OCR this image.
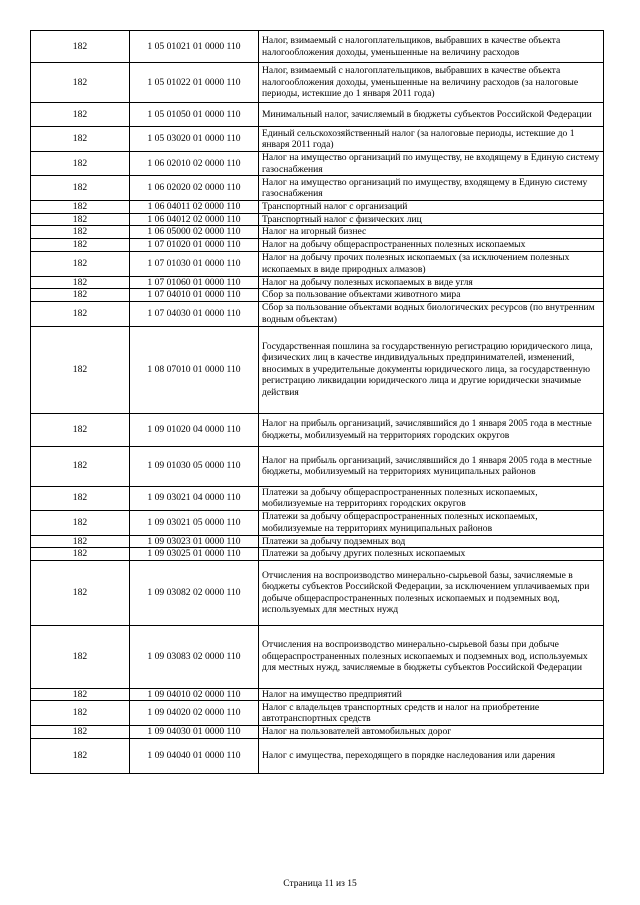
182	1 05 01021 01 0000 110	Налог, взимаемый с налогоплательщиков, выбравших в качестве объекта налогообложения доходы, уменьшенные на величину расходов
182	1 05 01022 01 0000 110	Налог, взимаемый с налогоплательщиков, выбравших в качестве объекта налогообложения доходы, уменьшенные на величину расходов (за налоговые периоды, истекшие до 1 января 2011 года)
182	1 05 01050 01 0000 110	Минимальный налог, зачисляемый в бюджеты субъектов Российской Федерации
182	1 05 03020 01 0000 110	Единый сельскохозяйственный налог (за налоговые периоды, истекшие до 1 января 2011 года)
182	1 06 02010 02 0000 110	Налог на имущество организаций по имуществу, не входящему в Единую систему газоснабжения
182	1 06 02020 02 0000 110	Налог на имущество организаций по имуществу, входящему в Единую систему газоснабжения
182	1 06 04011 02 0000 110	Транспортный налог с организаций
182	1 06 04012 02 0000 110	Транспортный налог с физических лиц
182	1 06 05000 02 0000 110	Налог на игорный бизнес
182	1 07 01020 01 0000 110	Налог на добычу общераспространенных полезных ископаемых
182	1 07 01030 01 0000 110	Налог на добычу прочих полезных ископаемых (за исключением полезных ископаемых в виде природных алмазов)
182	1 07 01060 01 0000 110	Налог на добычу полезных ископаемых в виде угля
182	1 07 04010 01 0000 110	Сбор за пользование объектами животного мира
182	1 07 04030 01 0000 110	Сбор за пользование объектами водных биологических ресурсов (по внутренним водным объектам)
182	1 08 07010 01 0000 110	Государственная пошлина за государственную регистрацию юридического лица, физических лиц в качестве индивидуальных предпринимателей, изменений, вносимых в учредительные документы юридического лица, за государственную регистрацию ликвидации юридического лица и другие юридически значимые действия
182	1 09 01020 04 0000 110	Налог на прибыль организаций, зачислявшийся до 1 января 2005 года в местные бюджеты, мобилизуемый на территориях городских округов
182	1 09 01030 05 0000 110	Налог на прибыль организаций, зачислявшийся до 1 января 2005 года в местные бюджеты, мобилизуемый на территориях муниципальных районов
182	1 09 03021 04 0000 110	Платежи за добычу общераспространенных полезных ископаемых, мобилизуемые на территориях городских округов
182	1 09 03021 05 0000 110	Платежи за добычу общераспространенных полезных ископаемых, мобилизуемые на территориях муниципальных районов
182	1 09 03023 01 0000 110	Платежи за добычу подземных вод
182	1 09 03025 01 0000 110	Платежи за добычу других полезных ископаемых
182	1 09 03082 02 0000 110	Отчисления на воспроизводство минерально-сырьевой базы, зачисляемые в бюджеты субъектов Российской Федерации, за исключением уплачиваемых при добыче общераспространенных полезных ископаемых и подземных вод, используемых для местных нужд
182	1 09 03083 02 0000 110	Отчисления на воспроизводство минерально-сырьевой базы при добыче общераспространенных полезных ископаемых и подземных вод, используемых для местных нужд, зачисляемые в бюджеты субъектов Российской Федерации
182	1 09 04010 02 0000 110	Налог на имущество предприятий
182	1 09 04020 02 0000 110	Налог с владельцев транспортных средств и налог на приобретение автотранспортных средств
182	1 09 04030 01 0000 110	Налог на пользователей автомобильных дорог
182	1 09 04040 01 0000 110	Налог с имущества, переходящего в порядке наследования или дарения
Страница 11 из 15
